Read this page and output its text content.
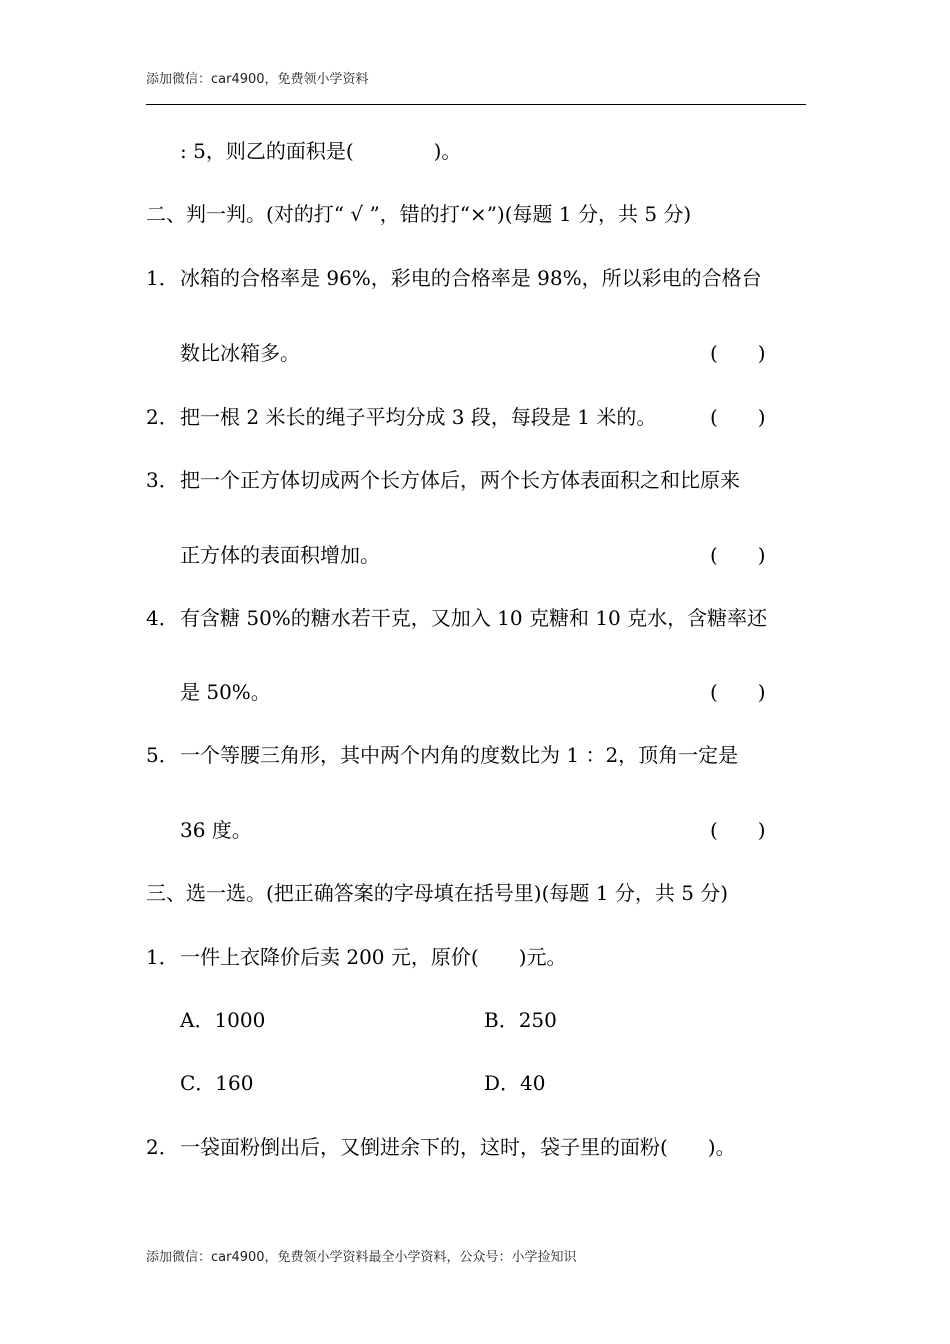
添加微信：car4900，免费领小学资料
: 5，则乙的面积是(　　　　)。
二、判一判。(对的打“ √ ”，错的打“×”)(每题 1 分，共 5 分)
1．冰箱的合格率是 96%，彩电的合格率是 98%，所以彩电的合格台
数比冰箱多。	(　　)
2．把一根 2 米长的绳子平均分成 3 段，每段是 1 米的。	(　　)
3．把一个正方体切成两个长方体后，两个长方体表面积之和比原来
正方体的表面积增加。	(　　)
4．有含糖 50%的糖水若干克，又加入 10 克糖和 10 克水，含糖率还
是 50%。	(　　)
5．一个等腰三角形，其中两个内角的度数比为 1 ：2，顶角一定是
36 度。	(　　)
三、选一选。(把正确答案的字母填在括号里)(每题 1 分，共 5 分)
1．一件上衣降价后卖 200 元，原价(　　)元。
A．1000	B．250
C．160	D．40
2．一袋面粉倒出后，又倒进余下的，这时，袋子里的面粉(　　)。
添加微信：car4900，免费领小学资料最全小学资料，公众号：小学捡知识
